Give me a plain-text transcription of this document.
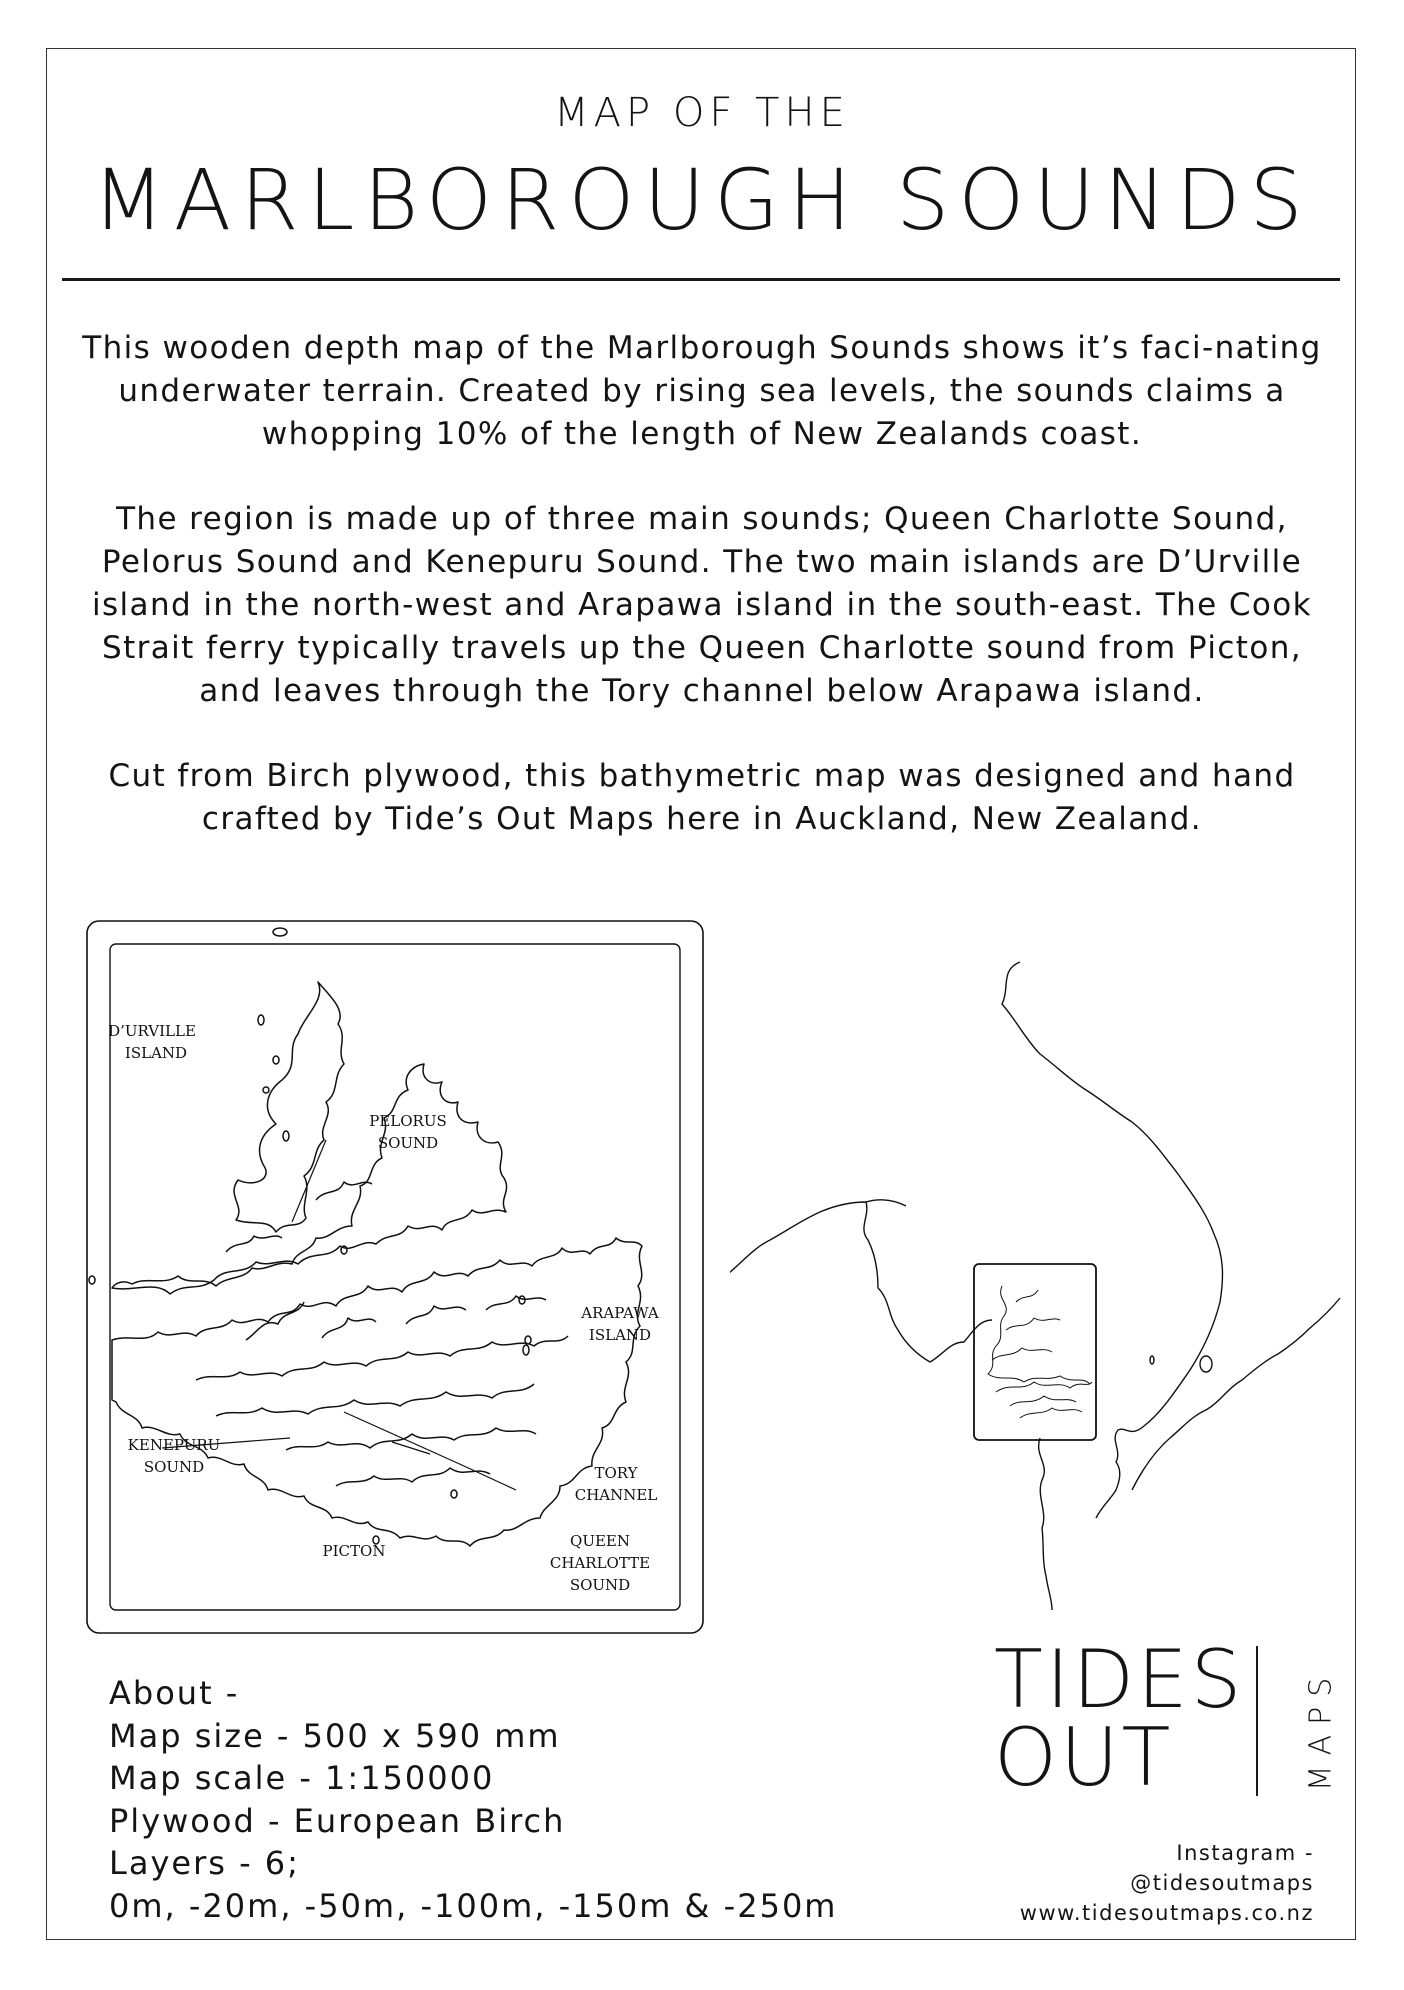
MAP OF THE
MARLBOROUGH SOUNDS

This wooden depth map of the Marlborough Sounds shows it’s faci-nating underwater terrain. Created by rising sea levels, the sounds claims a whopping 10% of the length of New Zealands coast.

The region is made up of three main sounds; Queen Charlotte Sound, Pelorus Sound and Kenepuru Sound. The two main islands are D’Urville island in the north-west and Arapawa island in the south-east. The Cook Strait ferry typically travels up the Queen Charlotte sound from Picton, and leaves through the Tory channel below Arapawa island.

Cut from Birch plywood, this bathymetric map was designed and hand crafted by Tide’s Out Maps here in Auckland, New Zealand.

D’URVILLE
ISLAND
PELORUS
SOUND
ARAPAWA
ISLAND
KENEPURU
SOUND	TORY
CHANNEL
PICTON
QUEEN
CHARLOTTE
SOUND
About -
Map size - 500 x 590 mm
Map scale - 1:150000
Plywood - European Birch
Layers - 6;
0m, -20m, -50m, -100m, -150m & -250m
TIDES
OUT	MAPS
Instagram -
@tidesoutmaps
www.tidesoutmaps.co.nz
